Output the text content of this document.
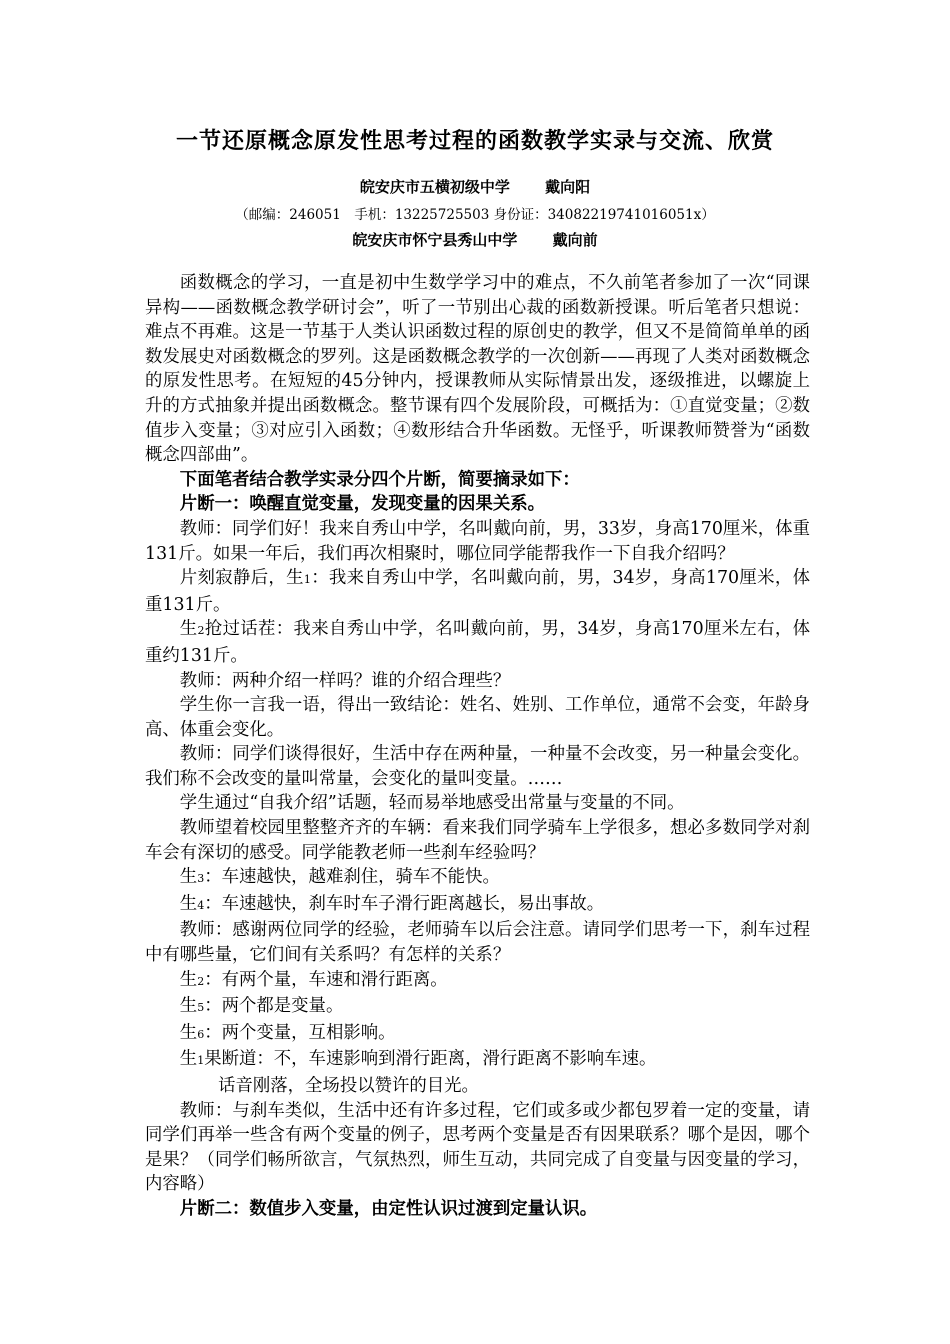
一节还原概念原发性思考过程的函数教学实录与交流、欣赏
皖安庆市五横初级中学 　　戴向阳
（邮编：246051　手机：13225725503 身份证：34082219741016051x）
皖安庆市怀宁县秀山中学 　　戴向前

函数概念的学习，一直是初中生数学学习中的难点，不久前笔者参加了一次“同课异构——函数概念教学研讨会”，听了一节别出心裁的函数新授课。听后笔者只想说：难点不再难。这是一节基于人类认识函数过程的原创史的教学，但又不是简简单单的函数发展史对函数概念的罗列。这是函数概念教学的一次创新——再现了人类对函数概念的原发性思考。在短短的45分钟内，授课教师从实际情景出发，逐级推进，以螺旋上升的方式抽象并提出函数概念。整节课有四个发展阶段，可概括为：①直觉变量；②数值步入变量；③对应引入函数；④数形结合升华函数。无怪乎，听课教师赞誉为“函数概念四部曲”。

下面笔者结合教学实录分四个片断，简要摘录如下：

片断一：唤醒直觉变量，发现变量的因果关系。

教师：同学们好！我来自秀山中学，名叫戴向前，男，33岁，身高170厘米，体重131斤。如果一年后，我们再次相聚时，哪位同学能帮我作一下自我介绍吗？

片刻寂静后，生1：我来自秀山中学，名叫戴向前，男，34岁，身高170厘米，体重131斤。

生2抢过话茬：我来自秀山中学，名叫戴向前，男，34岁，身高170厘米左右，体重约131斤。

教师：两种介绍一样吗？谁的介绍合理些？

学生你一言我一语，得出一致结论：姓名、姓别、工作单位，通常不会变，年龄身高、体重会变化。

教师：同学们谈得很好，生活中存在两种量，一种量不会改变，另一种量会变化。我们称不会改变的量叫常量，会变化的量叫变量。……

学生通过“自我介绍”话题，轻而易举地感受出常量与变量的不同。

教师望着校园里整整齐齐的车辆：看来我们同学骑车上学很多，想必多数同学对刹车会有深切的感受。同学能教老师一些刹车经验吗？

生3：车速越快，越难刹住，骑车不能快。

生4：车速越快，刹车时车子滑行距离越长，易出事故。

教师：感谢两位同学的经验，老师骑车以后会注意。请同学们思考一下，刹车过程中有哪些量，它们间有关系吗？有怎样的关系？

生2：有两个量，车速和滑行距离。

生5：两个都是变量。

生6：两个变量，互相影响。

生1果断道：不，车速影响到滑行距离，滑行距离不影响车速。

话音刚落，全场投以赞许的目光。

教师：与刹车类似，生活中还有许多过程，它们或多或少都包罗着一定的变量，请同学们再举一些含有两个变量的例子，思考两个变量是否有因果联系？哪个是因，哪个是果？（同学们畅所欲言，气氛热烈，师生互动，共同完成了自变量与因变量的学习，内容略）

片断二：数值步入变量，由定性认识过渡到定量认识。
